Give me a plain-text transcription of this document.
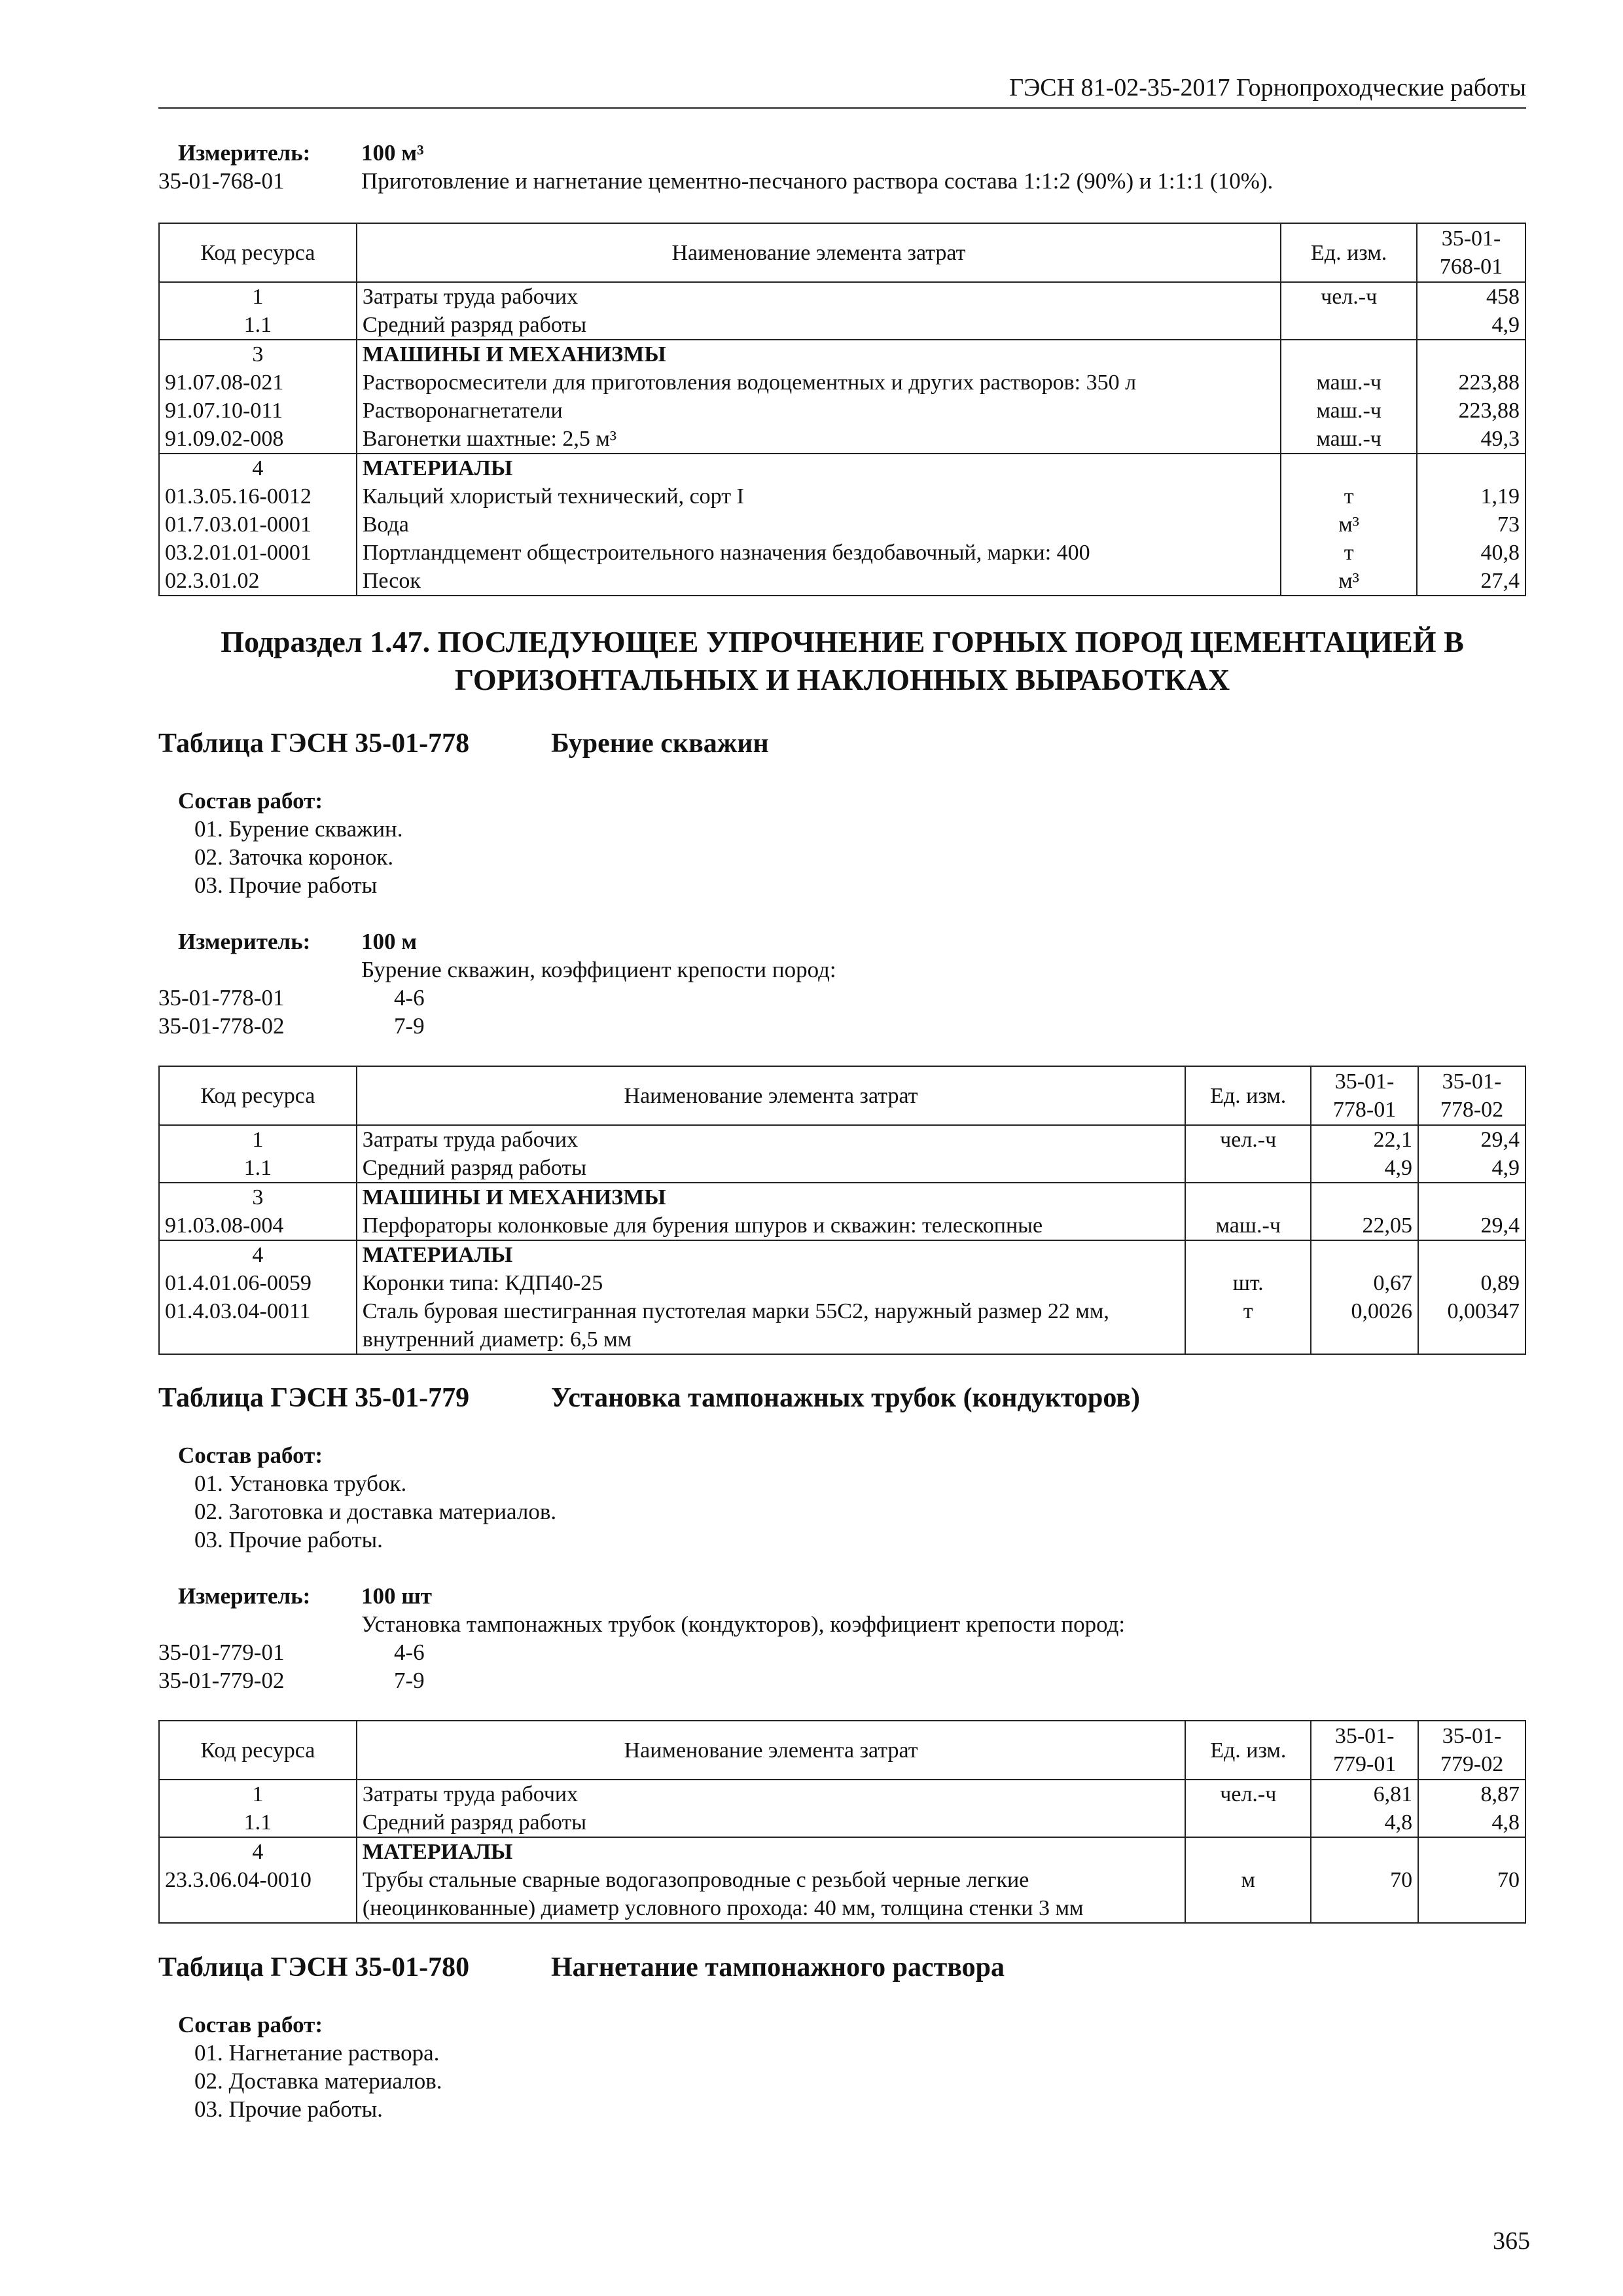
ГЭСН 81-02-35-2017 Горнопроходческие работы
Измеритель:	100 м³
35-01-768-01	Приготовление и нагнетание цементно-песчаного раствора состава 1:1:2 (90%) и 1:1:1 (10%).
Код ресурса	Наименование элемента затрат	Ед. изм.	35-01-768-01
1	Затраты труда рабочих	чел.-ч	458
1.1	Средний разряд работы		4,9
3	МАШИНЫ И МЕХАНИЗМЫ		
91.07.08-021	Растворосмесители для приготовления водоцементных и других растворов: 350 л	маш.-ч	223,88
91.07.10-011	Растворонагнетатели	маш.-ч	223,88
91.09.02-008	Вагонетки шахтные: 2,5 м³	маш.-ч	49,3
4	МАТЕРИАЛЫ		
01.3.05.16-0012	Кальций хлористый технический, сорт I	т	1,19
01.7.03.01-0001	Вода	м³	73
03.2.01.01-0001	Портландцемент общестроительного назначения бездобавочный, марки: 400	т	40,8
02.3.01.02	Песок	м³	27,4
Подраздел 1.47. ПОСЛЕДУЮЩЕЕ УПРОЧНЕНИЕ ГОРНЫХ ПОРОД ЦЕМЕНТАЦИЕЙ В
ГОРИЗОНТАЛЬНЫХ И НАКЛОННЫХ ВЫРАБОТКАХ
Таблица ГЭСН 35-01-778	Бурение скважин
Состав работ:
01. Бурение скважин.
02. Заточка коронок.
03. Прочие работы
Измеритель:	100 м
Бурение скважин, коэффициент крепости пород:
35-01-778-01	4-6
35-01-778-02	7-9
Код ресурса	Наименование элемента затрат	Ед. изм.	35-01-778-01	35-01-778-02
1	Затраты труда рабочих	чел.-ч	22,1	29,4
1.1	Средний разряд работы		4,9	4,9
3	МАШИНЫ И МЕХАНИЗМЫ			
91.03.08-004	Перфораторы колонковые для бурения шпуров и скважин: телескопные	маш.-ч	22,05	29,4
4	МАТЕРИАЛЫ			
01.4.01.06-0059	Коронки типа: КДП40-25	шт.	0,67	0,89
01.4.03.04-0011	Сталь буровая шестигранная пустотелая марки 55С2, наружный размер 22 мм, внутренний диаметр: 6,5 мм	т	0,0026	0,00347
Таблица ГЭСН 35-01-779	Установка тампонажных трубок (кондукторов)
Состав работ:
01. Установка трубок.
02. Заготовка и доставка материалов.
03. Прочие работы.
Измеритель:	100 шт
Установка тампонажных трубок (кондукторов), коэффициент крепости пород:
35-01-779-01	4-6
35-01-779-02	7-9
Код ресурса	Наименование элемента затрат	Ед. изм.	35-01-779-01	35-01-779-02
1	Затраты труда рабочих	чел.-ч	6,81	8,87
1.1	Средний разряд работы		4,8	4,8
4	МАТЕРИАЛЫ			
23.3.06.04-0010	Трубы стальные сварные водогазопроводные с резьбой черные легкие (неоцинкованные) диаметр условного прохода: 40 мм, толщина стенки 3 мм	м	70	70
Таблица ГЭСН 35-01-780	Нагнетание тампонажного раствора
Состав работ:
01. Нагнетание раствора.
02. Доставка материалов.
03. Прочие работы.
365
